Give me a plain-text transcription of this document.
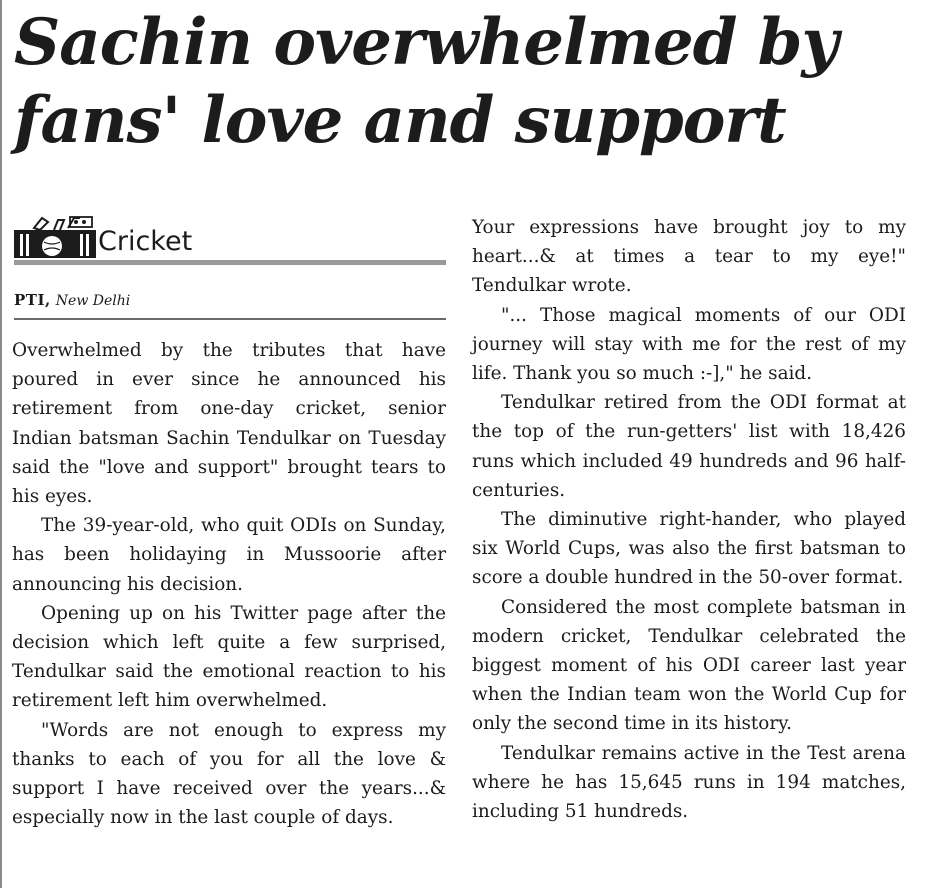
Sachin overwhelmed by fans' love and support
Cricket
PTI, New Delhi

Overwhelmed by the tributes that have poured in ever since he announced his retirement from one-day cricket, senior Indian batsman Sachin Tendulkar on Tuesday said the "love and support" brought tears to his eyes.

The 39-year-old, who quit ODIs on Sunday, has been holidaying in Mussoorie after announcing his decision.

Opening up on his Twitter page after the decision which left quite a few surprised, Tendulkar said the emotional reaction to his retirement left him overwhelmed.

"Words are not enough to express my thanks to each of you for all the love & support I have received over the years...& especially now in the last couple of days.

Your expressions have brought joy to my heart...& at times a tear to my eye!" Tendulkar wrote.

"... Those magical moments of our ODI journey will stay with me for the rest of my life. Thank you so much :-]," he said.

Tendulkar retired from the ODI format at the top of the run-getters' list with 18,426 runs which included 49 hundreds and 96 half-centuries.

The diminutive right-hander, who played six World Cups, was also the first batsman to score a double hundred in the 50-over format.

Considered the most complete batsman in modern cricket, Tendulkar celebrated the biggest moment of his ODI career last year when the Indian team won the World Cup for only the second time in its history.

Tendulkar remains active in the Test arena where he has 15,645 runs in 194 matches, including 51 hundreds.
